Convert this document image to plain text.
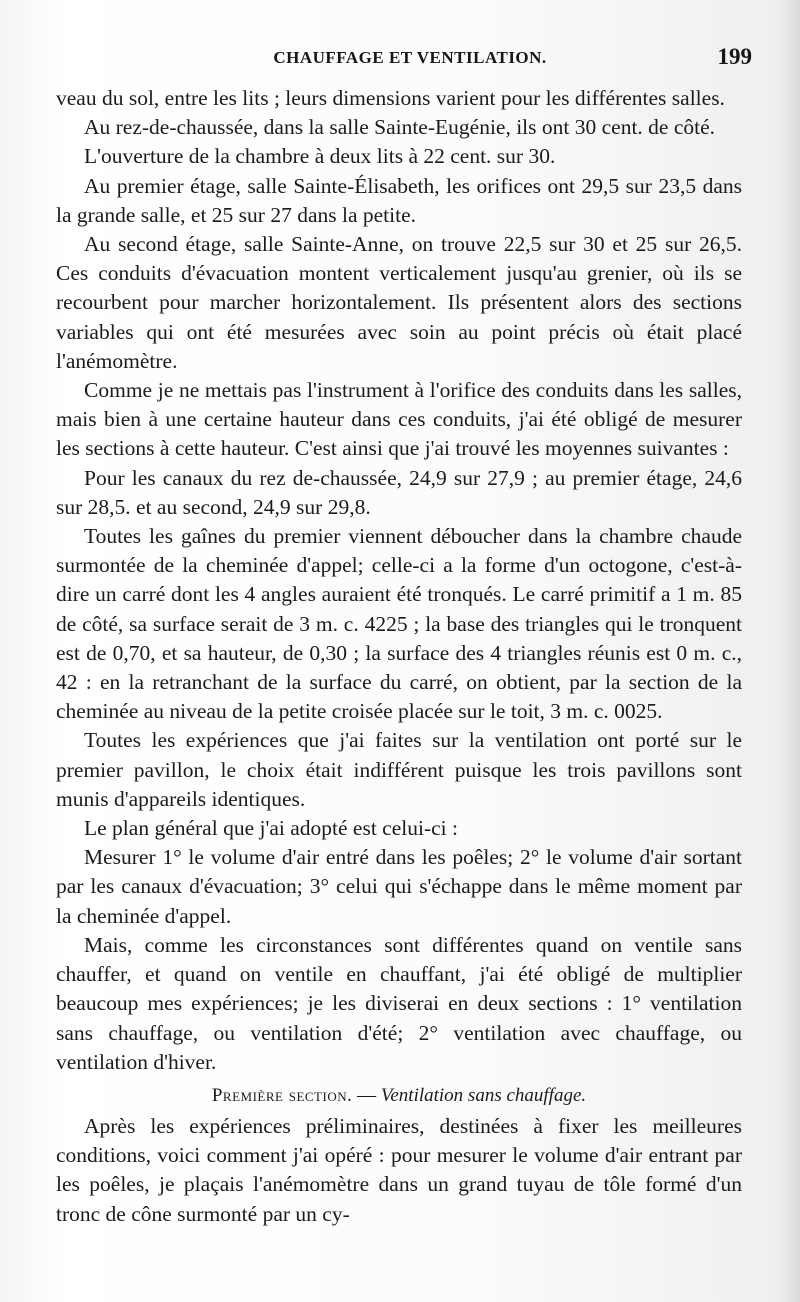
CHAUFFAGE ET VENTILATION.	199

veau du sol, entre les lits ; leurs dimensions varient pour les différentes salles.

Au rez-de-chaussée, dans la salle Sainte-Eugénie, ils ont 30 cent. de côté.

L'ouverture de la chambre à deux lits à 22 cent. sur 30.

Au premier étage, salle Sainte-Élisabeth, les orifices ont 29,5 sur 23,5 dans la grande salle, et 25 sur 27 dans la petite.

Au second étage, salle Sainte-Anne, on trouve 22,5 sur 30 et 25 sur 26,5. Ces conduits d'évacuation montent verticalement jusqu'au grenier, où ils se recourbent pour marcher horizontalement. Ils présentent alors des sections variables qui ont été mesurées avec soin au point précis où était placé l'anémomètre.

Comme je ne mettais pas l'instrument à l'orifice des conduits dans les salles, mais bien à une certaine hauteur dans ces conduits, j'ai été obligé de mesurer les sections à cette hauteur. C'est ainsi que j'ai trouvé les moyennes suivantes :

Pour les canaux du rez de-chaussée, 24,9 sur 27,9 ; au premier étage, 24,6 sur 28,5. et au second, 24,9 sur 29,8.

Toutes les gaînes du premier viennent déboucher dans la chambre chaude surmontée de la cheminée d'appel; celle-ci a la forme d'un octogone, c'est-à-dire un carré dont les 4 angles auraient été tronqués. Le carré primitif a 1 m. 85 de côté, sa surface serait de 3 m. c. 4225 ; la base des triangles qui le tronquent est de 0,70, et sa hauteur, de 0,30 ; la surface des 4 triangles réunis est 0 m. c., 42 : en la retranchant de la surface du carré, on obtient, par la section de la cheminée au niveau de la petite croisée placée sur le toit, 3 m. c. 0025.

Toutes les expériences que j'ai faites sur la ventilation ont porté sur le premier pavillon, le choix était indifférent puisque les trois pavillons sont munis d'appareils identiques.

Le plan général que j'ai adopté est celui-ci :

Mesurer 1° le volume d'air entré dans les poêles; 2° le volume d'air sortant par les canaux d'évacuation; 3° celui qui s'échappe dans le même moment par la cheminée d'appel.

Mais, comme les circonstances sont différentes quand on ventile sans chauffer, et quand on ventile en chauffant, j'ai été obligé de multiplier beaucoup mes expériences; je les diviserai en deux sections : 1° ventilation sans chauffage, ou ventilation d'été; 2° ventilation avec chauffage, ou ventilation d'hiver.

Première section. — Ventilation sans chauffage.

Après les expériences préliminaires, destinées à fixer les meilleures conditions, voici comment j'ai opéré : pour mesurer le volume d'air entrant par les poêles, je plaçais l'anémomètre dans un grand tuyau de tôle formé d'un tronc de cône surmonté par un cy-
